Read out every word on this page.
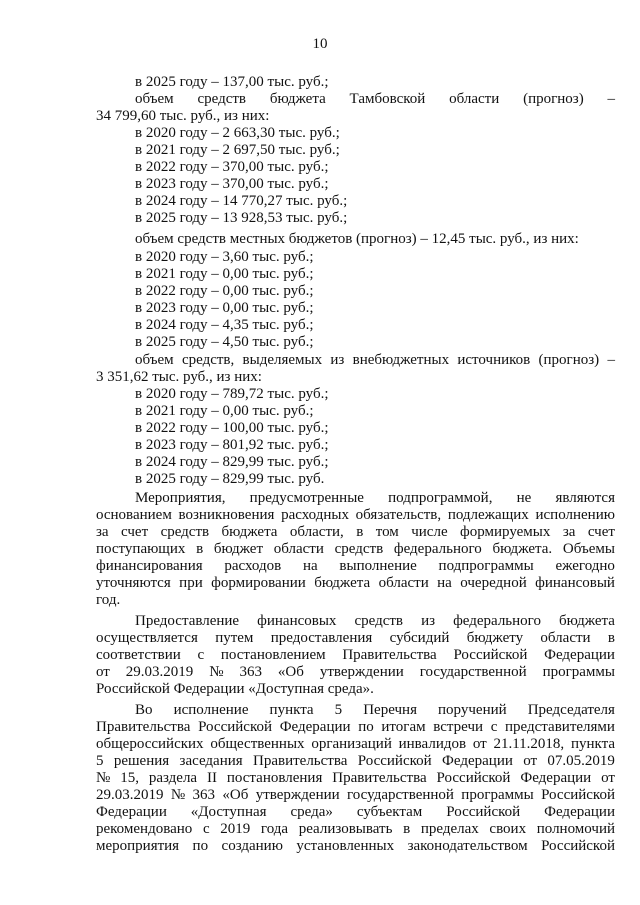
10
в 2025 году – 137,00 тыс. руб.;
объем средств бюджета Тамбовской области (прогноз) –
34 799,60 тыс. руб., из них:
в 2020 году – 2 663,30 тыс. руб.;
в 2021 году – 2 697,50 тыс. руб.;
в 2022 году – 370,00 тыс. руб.;
в 2023 году – 370,00 тыс. руб.;
в 2024 году – 14 770,27 тыс. руб.;
в 2025 году – 13 928,53 тыс. руб.;
объем средств местных бюджетов (прогноз) – 12,45 тыс. руб., из них:
в 2020 году – 3,60 тыс. руб.;
в 2021 году – 0,00 тыс. руб.;
в 2022 году – 0,00 тыс. руб.;
в 2023 году – 0,00 тыс. руб.;
в 2024 году – 4,35 тыс. руб.;
в 2025 году – 4,50 тыс. руб.;
объем средств, выделяемых из внебюджетных источников (прогноз) –
3 351,62 тыс. руб., из них:
в 2020 году – 789,72 тыс. руб.;
в 2021 году – 0,00 тыс. руб.;
в 2022 году – 100,00 тыс. руб.;
в 2023 году – 801,92 тыс. руб.;
в 2024 году – 829,99 тыс. руб.;
в 2025 году – 829,99 тыс. руб.
Мероприятия, предусмотренные подпрограммой, не являются
основанием возникновения расходных обязательств, подлежащих исполнению
за счет средств бюджета области, в том числе формируемых за счет
поступающих в бюджет области средств федерального бюджета. Объемы
финансирования расходов на выполнение подпрограммы ежегодно
уточняются при формировании бюджета области на очередной финансовый
год.
Предоставление финансовых средств из федерального бюджета
осуществляется путем предоставления субсидий бюджету области в
соответствии с постановлением Правительства Российской Федерации
от 29.03.2019 № 363 «Об утверждении государственной программы
Российской Федерации «Доступная среда».
Во исполнение пункта 5 Перечня поручений Председателя
Правительства Российской Федерации по итогам встречи с представителями
общероссийских общественных организаций инвалидов от 21.11.2018, пункта
5 решения заседания Правительства Российской Федерации от 07.05.2019
№ 15, раздела II постановления Правительства Российской Федерации от
29.03.2019 № 363 «Об утверждении государственной программы Российской
Федерации «Доступная среда» субъектам Российской Федерации
рекомендовано с 2019 года реализовывать в пределах своих полномочий
мероприятия по созданию установленных законодательством Российской
